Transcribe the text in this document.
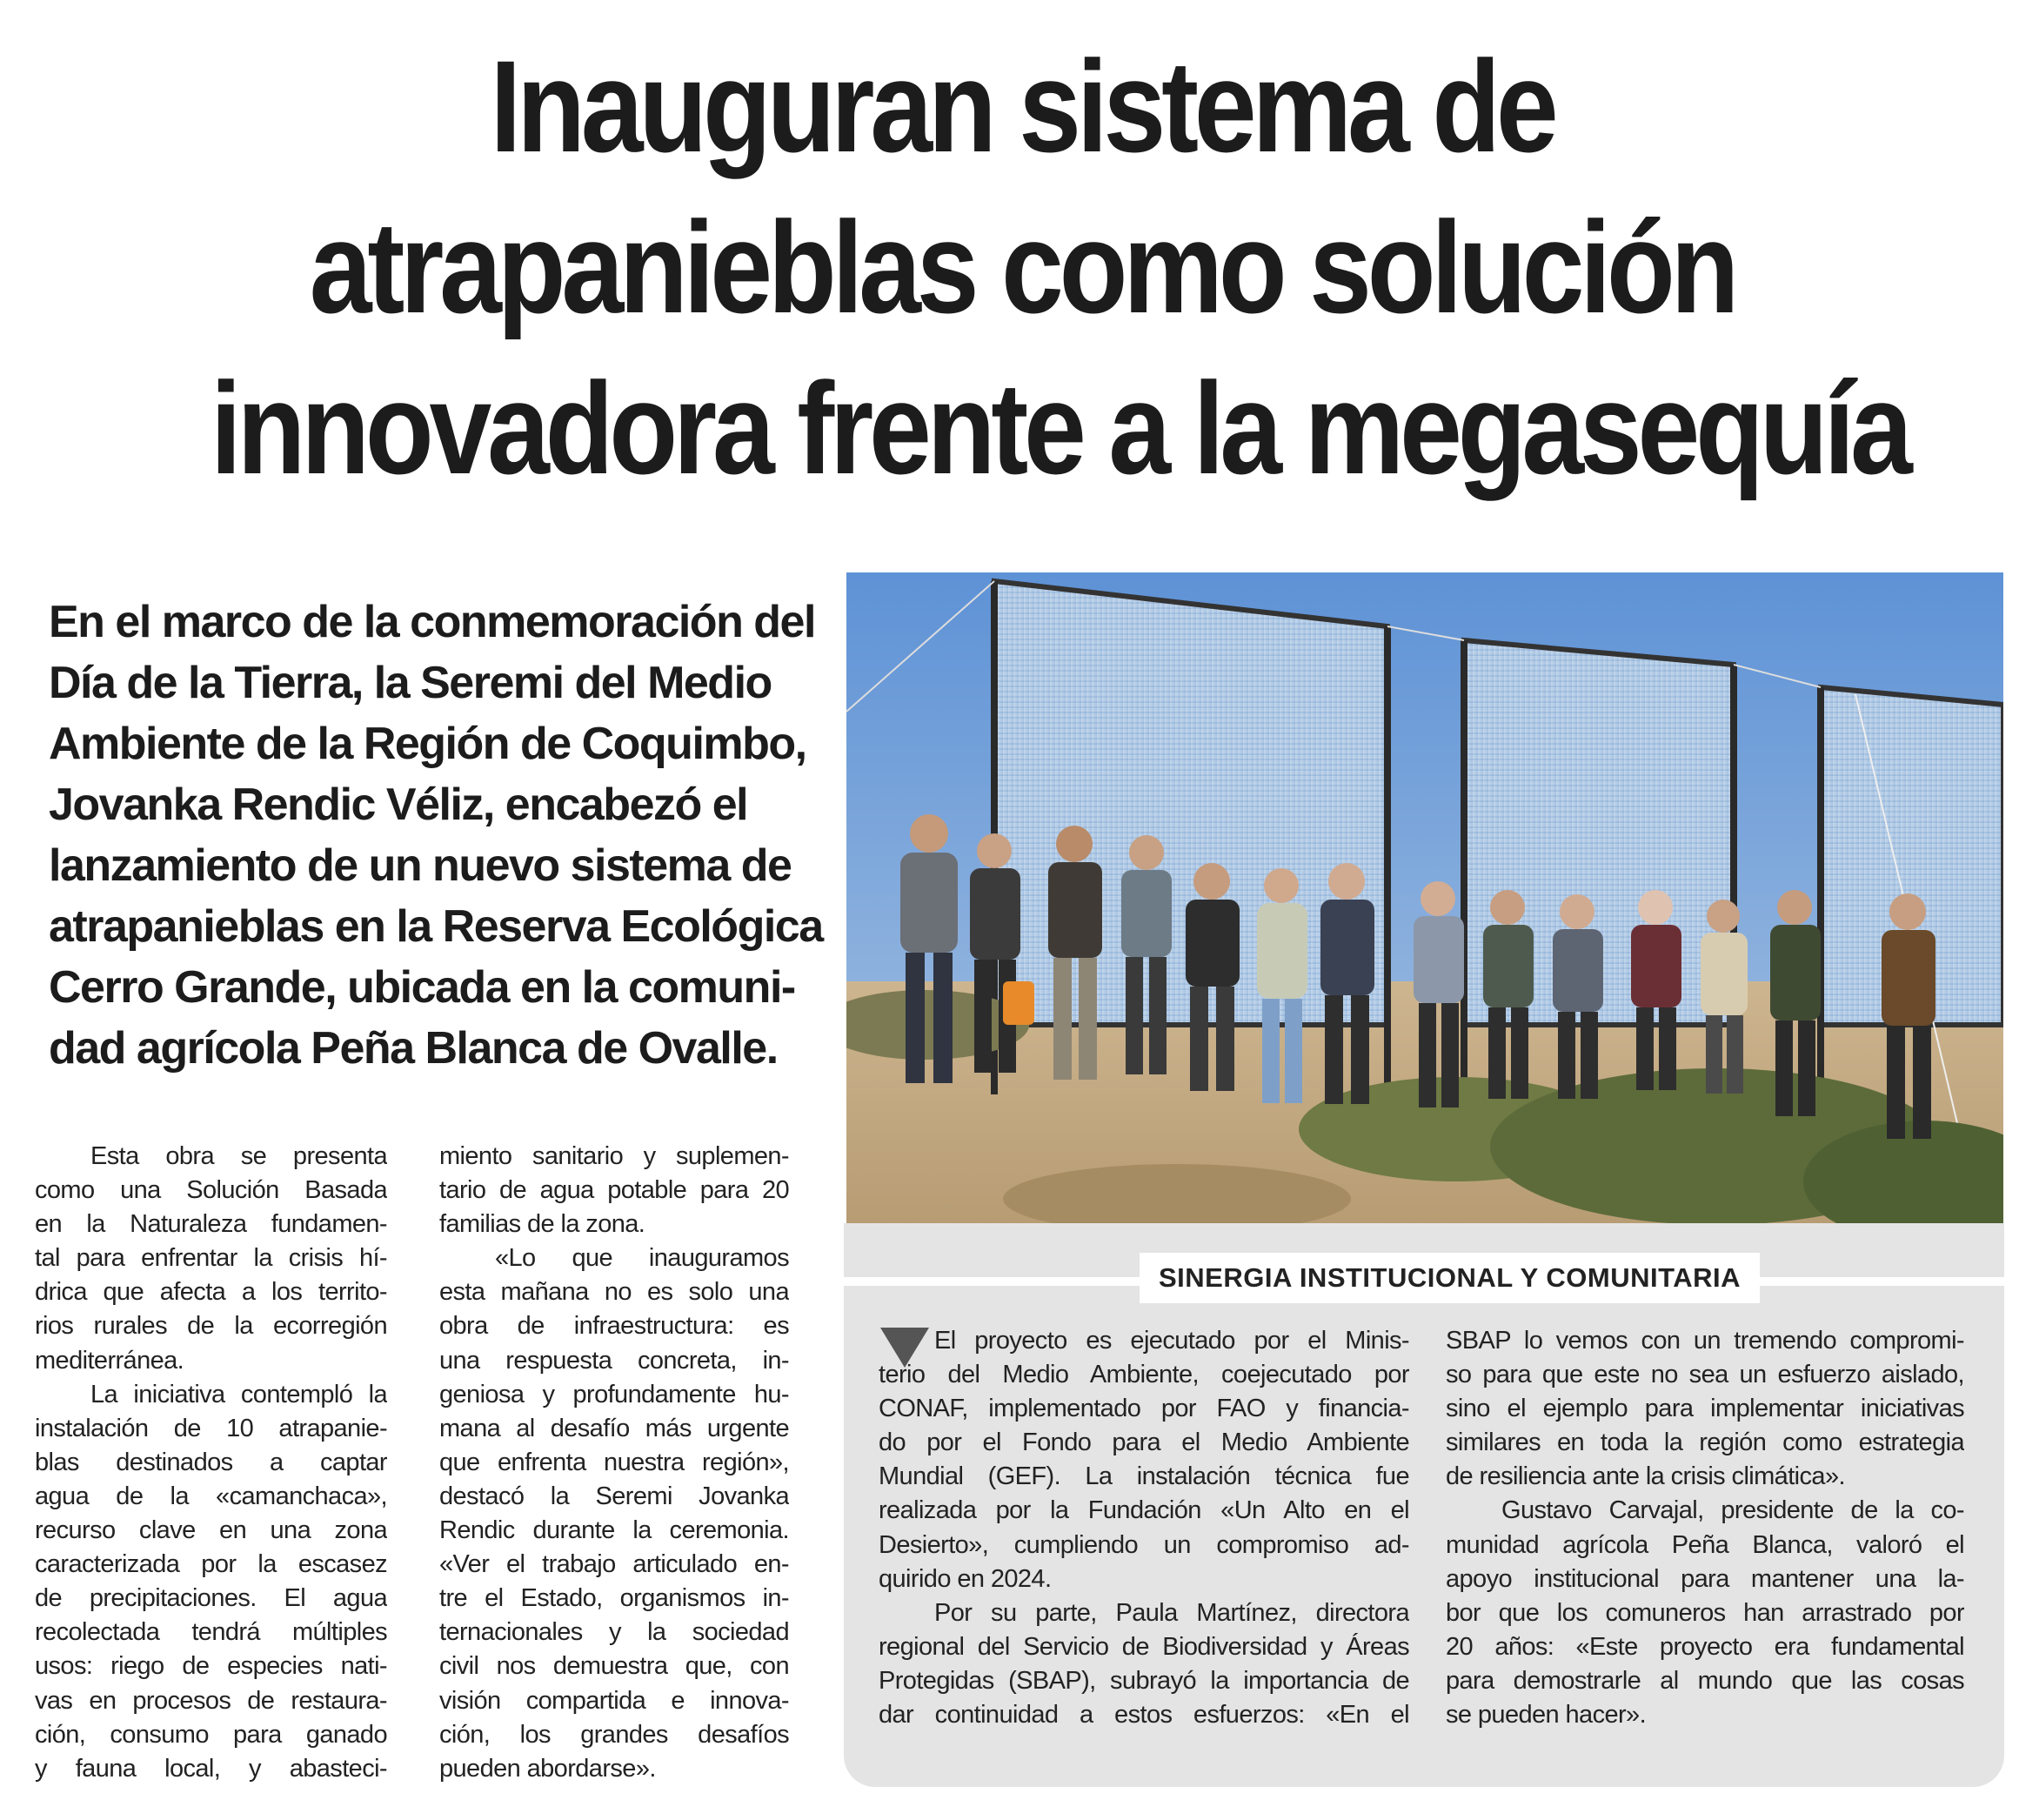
Inauguran sistema de
atrapanieblas como solución
innovadora frente a la megasequía

En el marco de la conmemoración del
Día de la Tierra, la Seremi del Medio
Ambiente de la Región de Coquimbo,
Jovanka Rendic Véliz, encabezó el
lanzamiento de un nuevo sistema de
atrapanieblas en la Reserva Ecológica
Cerro Grande, ubicada en la comuni-
dad agrícola Peña Blanca de Ovalle.

Esta obra se presenta
como una Solución Basada
en la Naturaleza fundamen-
tal para enfrentar la crisis hí-
drica que afecta a los territo-
rios rurales de la ecorregión
mediterránea.
La iniciativa contempló la
instalación de 10 atrapanie-
blas destinados a captar
agua de la «camanchaca»,
recurso clave en una zona
caracterizada por la escasez
de precipitaciones. El agua
recolectada tendrá múltiples
usos: riego de especies nati-
vas en procesos de restaura-
ción, consumo para ganado
y fauna local, y abasteci-
miento sanitario y suplemen-
tario de agua potable para 20
familias de la zona.
«Lo que inauguramos
esta mañana no es solo una
obra de infraestructura: es
una respuesta concreta, in-
geniosa y profundamente hu-
mana al desafío más urgente
que enfrenta nuestra región»,
destacó la Seremi Jovanka
Rendic durante la ceremonia.
«Ver el trabajo articulado en-
tre el Estado, organismos in-
ternacionales y la sociedad
civil nos demuestra que, con
visión compartida e innova-
ción, los grandes desafíos
pueden abordarse».
SINERGIA INSTITUCIONAL Y COMUNITARIA
El proyecto es ejecutado por el Minis-
terio del Medio Ambiente, coejecutado por
CONAF, implementado por FAO y financia-
do por el Fondo para el Medio Ambiente
Mundial (GEF). La instalación técnica fue
realizada por la Fundación «Un Alto en el
Desierto», cumpliendo un compromiso ad-
quirido en 2024.
Por su parte, Paula Martínez, directora
regional del Servicio de Biodiversidad y Áreas
Protegidas (SBAP), subrayó la importancia de
dar continuidad a estos esfuerzos: «En el
SBAP lo vemos con un tremendo compromi-
so para que este no sea un esfuerzo aislado,
sino el ejemplo para implementar iniciativas
similares en toda la región como estrategia
de resiliencia ante la crisis climática».
Gustavo Carvajal, presidente de la co-
munidad agrícola Peña Blanca, valoró el
apoyo institucional para mantener una la-
bor que los comuneros han arrastrado por
20 años: «Este proyecto era fundamental
para demostrarle al mundo que las cosas
se pueden hacer».
